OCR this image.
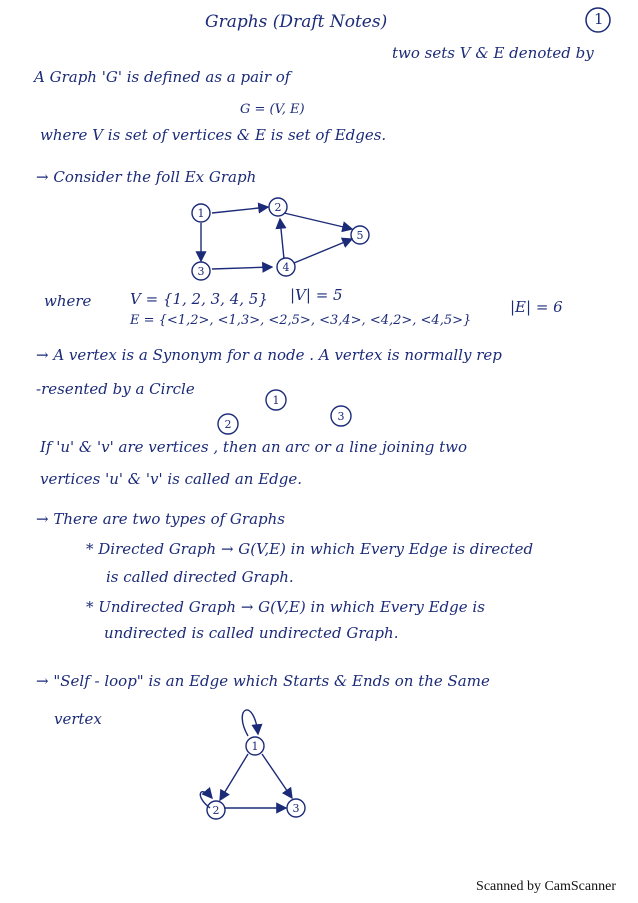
Graphs (Draft Notes)	1
A Graph 'G' is defined as a pair of
two sets V & E denoted by
G = (V, E)
where V is set of vertices & E is set of Edges.
→ Consider the foll Ex Graph
1	2
3	4
5
where	V = {1, 2, 3, 4, 5} |V| = 5
E = {<1,2>, <1,3>, <2,5>, <3,4>, <4,2>, <4,5>}
|E| = 6
→ A vertex is a Synonym for a node . A vertex is normally rep
-resented by a Circle
1
3
2
If 'u' & 'v' are vertices , then an arc or a line joining two
vertices 'u' & 'v' is called an Edge.
→ There are two types of Graphs
* Directed Graph → G(V,E) in which Every Edge is directed
is called directed Graph.
* Undirected Graph → G(V,E) in which Every Edge is
undirected is called undirected Graph.
→ "Self - loop" is an Edge which Starts & Ends on the Same
vertex
1
2	3
Scanned by CamScanner
